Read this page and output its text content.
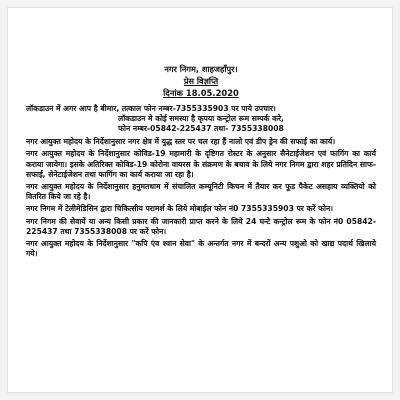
नगर निगम, शाहजहाँपुर।
प्रेस विज्ञप्ति
दिनांक 18.05.2020
लॉकडाउन में अगर आप है बीमार, तत्काल फोन नम्बर-7355335903 पर पाये उपचार।
लॉकडाउन मे कोई समस्या है कृपया कन्ट्रोल रूम सम्पर्क करे,
फोन नम्बर-05842-225437 तथा- 7355338008
नगर आयुक्त महोदय के निर्देशानुसार नगर क्षेत्र में युद्ध स्तर पर चल रहा हैं नालो एवं डीप ड्रेन की सफाई का कार्य।
नगर आयुक्त महोदय के निर्देशानुसार कोविड-19 महामारी के दृष्टिगत रोस्टर के अनुसार सैनेटाईजेशन एवं फागिंग का कार्य कराया जायेगा। इसके अतिरिक्त कोविड-19 कोरोना वायरस के संक्रमण के बचाव के लिये नगर निगम द्वारा शहर प्रतिदिन साफ-सफाई, सेनेटाईजेशन तथा फागिंग का कार्य कराया जा रहा है।
नगर आयुक्त महोदय के निर्देशानुसार हनुमतधाम में संचालित कम्यूनिटी किचन में तैयार कर फूड पैकेट असहाय व्यक्तियो को वितरित किये जा रहे है।
नगर निगम में टेलीमेडिसिन द्वारा चिकित्सीय परामर्श के लिये मोबाईल फोन नं0 7355335903 पर करें फोन।
नगर निगम की सेवायें या अन्य किसी प्रकार की जानकारी प्राप्त करने के लिये 24 घन्टे कन्ट्रोल रूम के फोन नं0 05842-225437 तथा 7355338008 पर करें फोन।
नगर आयुक्त महोदय के निर्देशानुसार "कपि एंव श्वान सेवा" के अन्तर्गत नगर में बन्दरों अन्य पशुओ को खाद्य पदार्थ खिलाये गये।
